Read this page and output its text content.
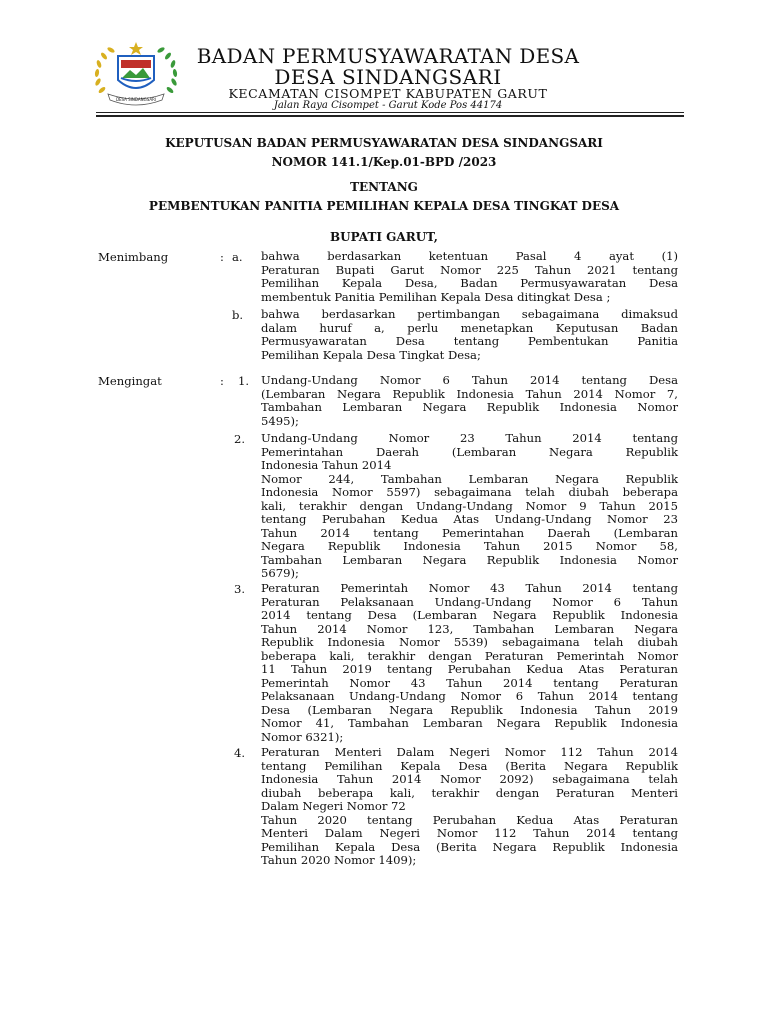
DESA SINDANGSARI
BADAN PERMUSYAWARATAN DESA
DESA SINDANGSARI
KECAMATAN CISOMPET KABUPATEN GARUT
Jalan Raya Cisompet - Garut Kode Pos 44174
KEPUTUSAN BADAN PERMUSYAWARATAN DESA SINDANGSARI
NOMOR 141.1/Kep.01-BPD /2023
TENTANG
PEMBENTUKAN PANITIA PEMILIHAN KEPALA DESA TINGKAT DESA
BUPATI GARUT,
Menimbang	: a. bahwa berdasarkan ketentuan Pasal 4 ayat (1)
Peraturan Bupati Garut Nomor 225 Tahun 2021 tentang
Pemilihan Kepala Desa, Badan Permusyawaratan Desa
membentuk Panitia Pemilihan Kepala Desa ditingkat Desa ;
b. bahwa berdasarkan pertimbangan sebagaimana dimaksud
dalam huruf a, perlu menetapkan Keputusan Badan
Permusyawaratan Desa tentang Pembentukan Panitia
Pemilihan Kepala Desa Tingkat Desa;
Mengingat	: 1. Undang-Undang Nomor 6 Tahun 2014 tentang Desa
(Lembaran Negara Republik Indonesia Tahun 2014 Nomor 7,
Tambahan Lembaran Negara Republik Indonesia Nomor
5495);
2. Undang-Undang Nomor 23 Tahun 2014 tentang
Pemerintahan Daerah (Lembaran Negara Republik
Indonesia Tahun 2014
Nomor 244, Tambahan Lembaran Negara Republik
Indonesia Nomor 5597) sebagaimana telah diubah beberapa
kali, terakhir dengan Undang-Undang Nomor 9 Tahun 2015
tentang Perubahan Kedua Atas Undang-Undang Nomor 23
Tahun 2014 tentang Pemerintahan Daerah (Lembaran
Negara Republik Indonesia Tahun 2015 Nomor 58,
Tambahan Lembaran Negara Republik Indonesia Nomor
5679);
3. Peraturan Pemerintah Nomor 43 Tahun 2014 tentang
Peraturan Pelaksanaan Undang-Undang Nomor 6 Tahun
2014 tentang Desa (Lembaran Negara Republik Indonesia
Tahun 2014 Nomor 123, Tambahan Lembaran Negara
Republik Indonesia Nomor 5539) sebagaimana telah diubah
beberapa kali, terakhir dengan Peraturan Pemerintah Nomor
11 Tahun 2019 tentang Perubahan Kedua Atas Peraturan
Pemerintah Nomor 43 Tahun 2014 tentang Peraturan
Pelaksanaan Undang-Undang Nomor 6 Tahun 2014 tentang
Desa (Lembaran Negara Republik Indonesia Tahun 2019
Nomor 41, Tambahan Lembaran Negara Republik Indonesia
Nomor 6321);
4. Peraturan Menteri Dalam Negeri Nomor 112 Tahun 2014
tentang Pemilihan Kepala Desa (Berita Negara Republik
Indonesia Tahun 2014 Nomor 2092) sebagaimana telah
diubah beberapa kali, terakhir dengan Peraturan Menteri
Dalam Negeri Nomor 72
Tahun 2020 tentang Perubahan Kedua Atas Peraturan
Menteri Dalam Negeri Nomor 112 Tahun 2014 tentang
Pemilihan Kepala Desa (Berita Negara Republik Indonesia
Tahun 2020 Nomor 1409);
